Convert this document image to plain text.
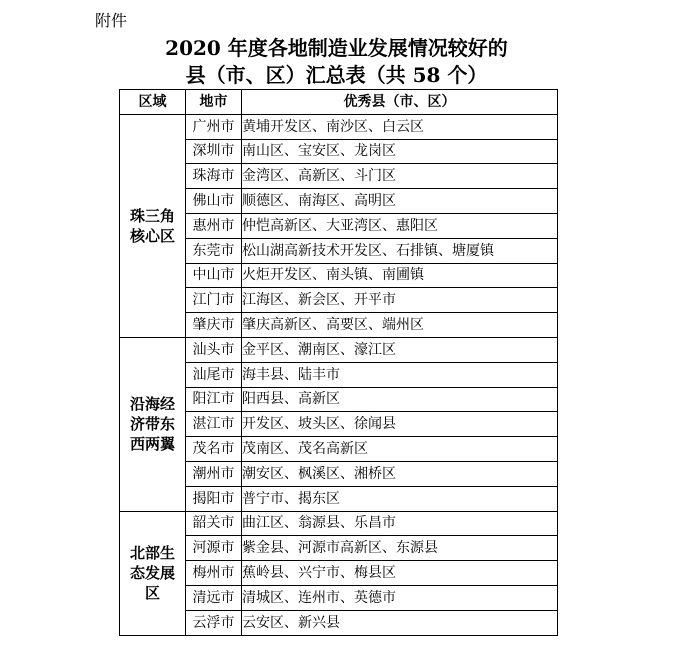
附件
2020 年度各地制造业发展情况较好的
县（市、区）汇总表（共 58 个）
区域	地市	优秀县（市、区）

珠三角
核心区	广州市	黄埔开发区、南沙区、白云区
	深圳市	南山区、宝安区、龙岗区
	珠海市	金湾区、高新区、斗门区
	佛山市	顺德区、南海区、高明区
	惠州市	仲恺高新区、大亚湾区、惠阳区
	东莞市	松山湖高新技术开发区、石排镇、塘厦镇
	中山市	火炬开发区、南头镇、南圃镇
	江门市	江海区、新会区、开平市
	肇庆市	肇庆高新区、高要区、端州区

沿海经
济带东
西两翼	汕头市	金平区、潮南区、濠江区
	汕尾市	海丰县、陆丰市
	阳江市	阳西县、高新区
	湛江市	开发区、坡头区、徐闻县
	茂名市	茂南区、茂名高新区
	潮州市	潮安区、枫溪区、湘桥区
	揭阳市	普宁市、揭东区

北部生
态发展
区	韶关市	曲江区、翁源县、乐昌市
	河源市	紫金县、河源市高新区、东源县
	梅州市	蕉岭县、兴宁市、梅县区
	清远市	清城区、连州市、英德市
	云浮市	云安区、新兴县
